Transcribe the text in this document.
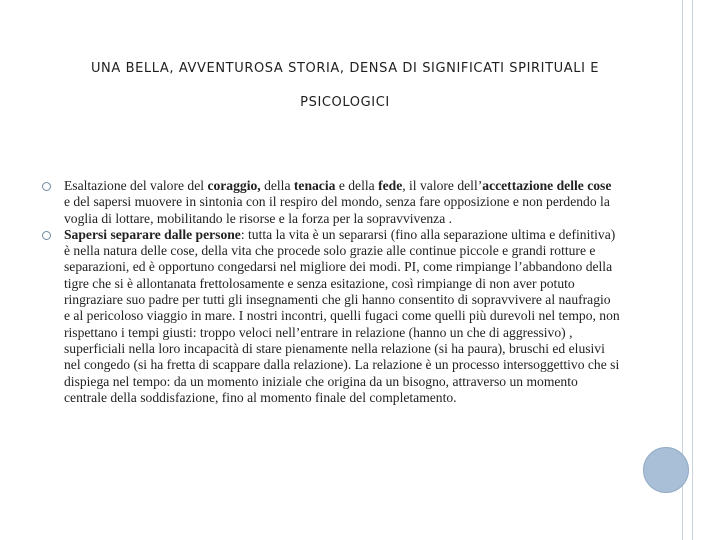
UNA BELLA, AVVENTUROSA STORIA, DENSA DI SIGNIFICATI SPIRITUALI E
PSICOLOGICI
Esaltazione del valore del coraggio, della tenacia e della fede, il valore dell’accettazione delle cose e del sapersi muovere in sintonia con il respiro del mondo, senza fare opposizione e non perdendo la voglia di lottare, mobilitando le risorse e la forza per la sopravvivenza .
Sapersi separare dalle persone: tutta la vita è un separarsi (fino alla separazione ultima e definitiva) è nella natura delle cose, della vita che procede solo grazie alle continue piccole e grandi rotture e separazioni, ed è opportuno congedarsi nel migliore dei modi. PI, come rimpiange l’abbandono della tigre che si è allontanata frettolosamente e senza esitazione, così rimpiange di non aver potuto ringraziare suo padre per tutti gli insegnamenti che gli hanno consentito di sopravvivere al naufragio e al pericoloso viaggio in mare. I nostri incontri, quelli fugaci come quelli più durevoli nel tempo, non rispettano i tempi giusti: troppo veloci nell’entrare in relazione (hanno un che di aggressivo) , superficiali nella loro incapacità di stare pienamente nella relazione (si ha paura), bruschi ed elusivi nel congedo (si ha fretta di scappare dalla relazione). La relazione è un processo intersoggettivo che si dispiega nel tempo: da un momento iniziale che origina da un bisogno, attraverso un momento centrale della soddisfazione, fino al momento finale del completamento.
